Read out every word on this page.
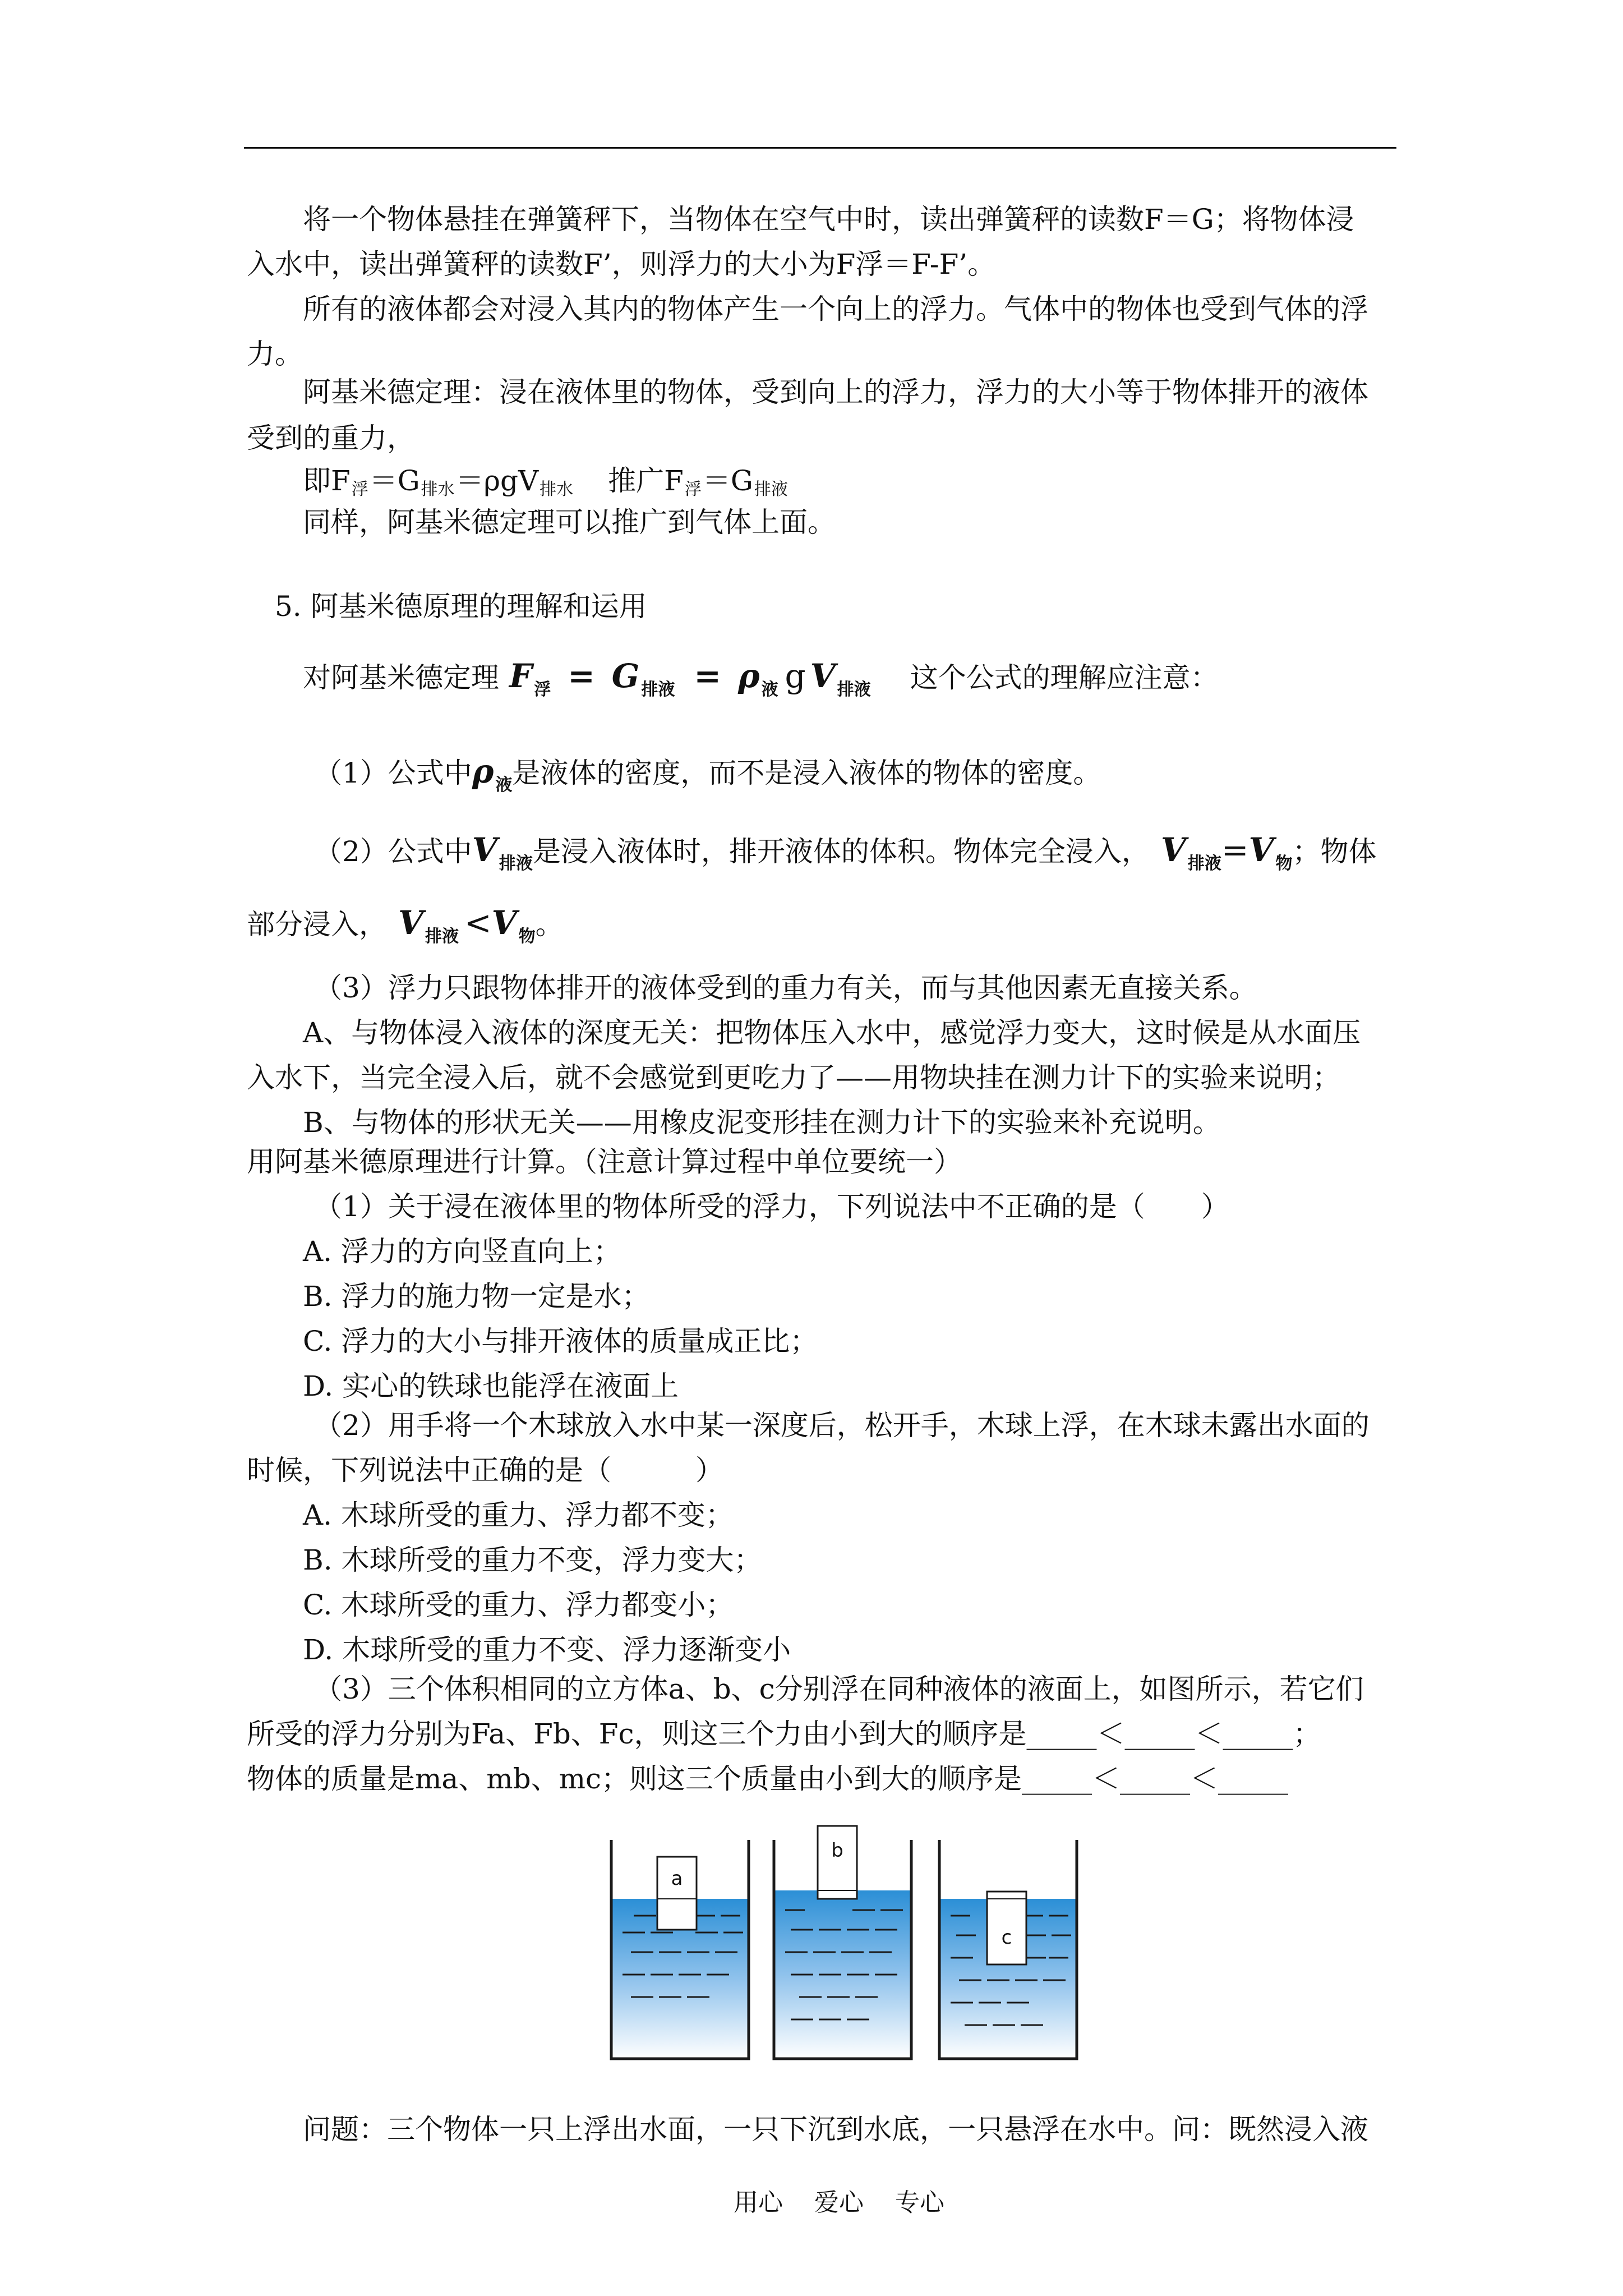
将一个物体悬挂在弹簧秤下，当物体在空气中时，读出弹簧秤的读数F＝G；将物体浸
入水中，读出弹簧秤的读数F’，则浮力的大小为F浮＝F-F’。
所有的液体都会对浸入其内的物体产生一个向上的浮力。气体中的物体也受到气体的浮
力。
阿基米德定理：浸在液体里的物体，受到向上的浮力，浮力的大小等于物体排开的液体
受到的重力，
即F浮＝G排水＝ρgV排水 推广F浮＝G排液
同样，阿基米德定理可以推广到气体上面。
5. 阿基米德原理的理解和运用
对阿基米德定理 F $_浮$ = G $_{排液}$ = ρ $_液$ g V $_{排液}$ 这个公式的理解应注意：
（1）公式中ρ $_液$是液体的密度，而不是浸入液体的物体的密度。
（2）公式中V $_{排液}$是浸入液体时，排开液体的体积。物体完全浸入， V $_{排液}$=V $_物$；物体
部分浸入， V $_{排液}$ <V $_物$。
（3）浮力只跟物体排开的液体受到的重力有关，而与其他因素无直接关系。
A、与物体浸入液体的深度无关：把物体压入水中，感觉浮力变大，这时候是从水面压
入水下，当完全浸入后，就不会感觉到更吃力了——用物块挂在测力计下的实验来说明；
B、与物体的形状无关——用橡皮泥变形挂在测力计下的实验来补充说明。
用阿基米德原理进行计算。（注意计算过程中单位要统一）
（1）关于浸在液体里的物体所受的浮力，下列说法中不正确的是（　　）
A. 浮力的方向竖直向上；
B. 浮力的施力物一定是水；
C. 浮力的大小与排开液体的质量成正比；
D. 实心的铁球也能浮在液面上
（2）用手将一个木球放入水中某一深度后，松开手，木球上浮，在木球未露出水面的
时候，下列说法中正确的是（　　　）
A. 木球所受的重力、浮力都不变；
B. 木球所受的重力不变，浮力变大；
C. 木球所受的重力、浮力都变小；
D. 木球所受的重力不变、浮力逐渐变小
（3）三个体积相同的立方体a、b、c分别浮在同种液体的液面上，如图所示，若它们
所受的浮力分别为Fa、Fb、Fc，则这三个力由小到大的顺序是_____＜_____＜_____；
物体的质量是ma、mb、mc；则这三个质量由小到大的顺序是_____＜_____＜_____
a
b
c
问题：三个物体一只上浮出水面，一只下沉到水底，一只悬浮在水中。问：既然浸入液
用心 爱心 专心
